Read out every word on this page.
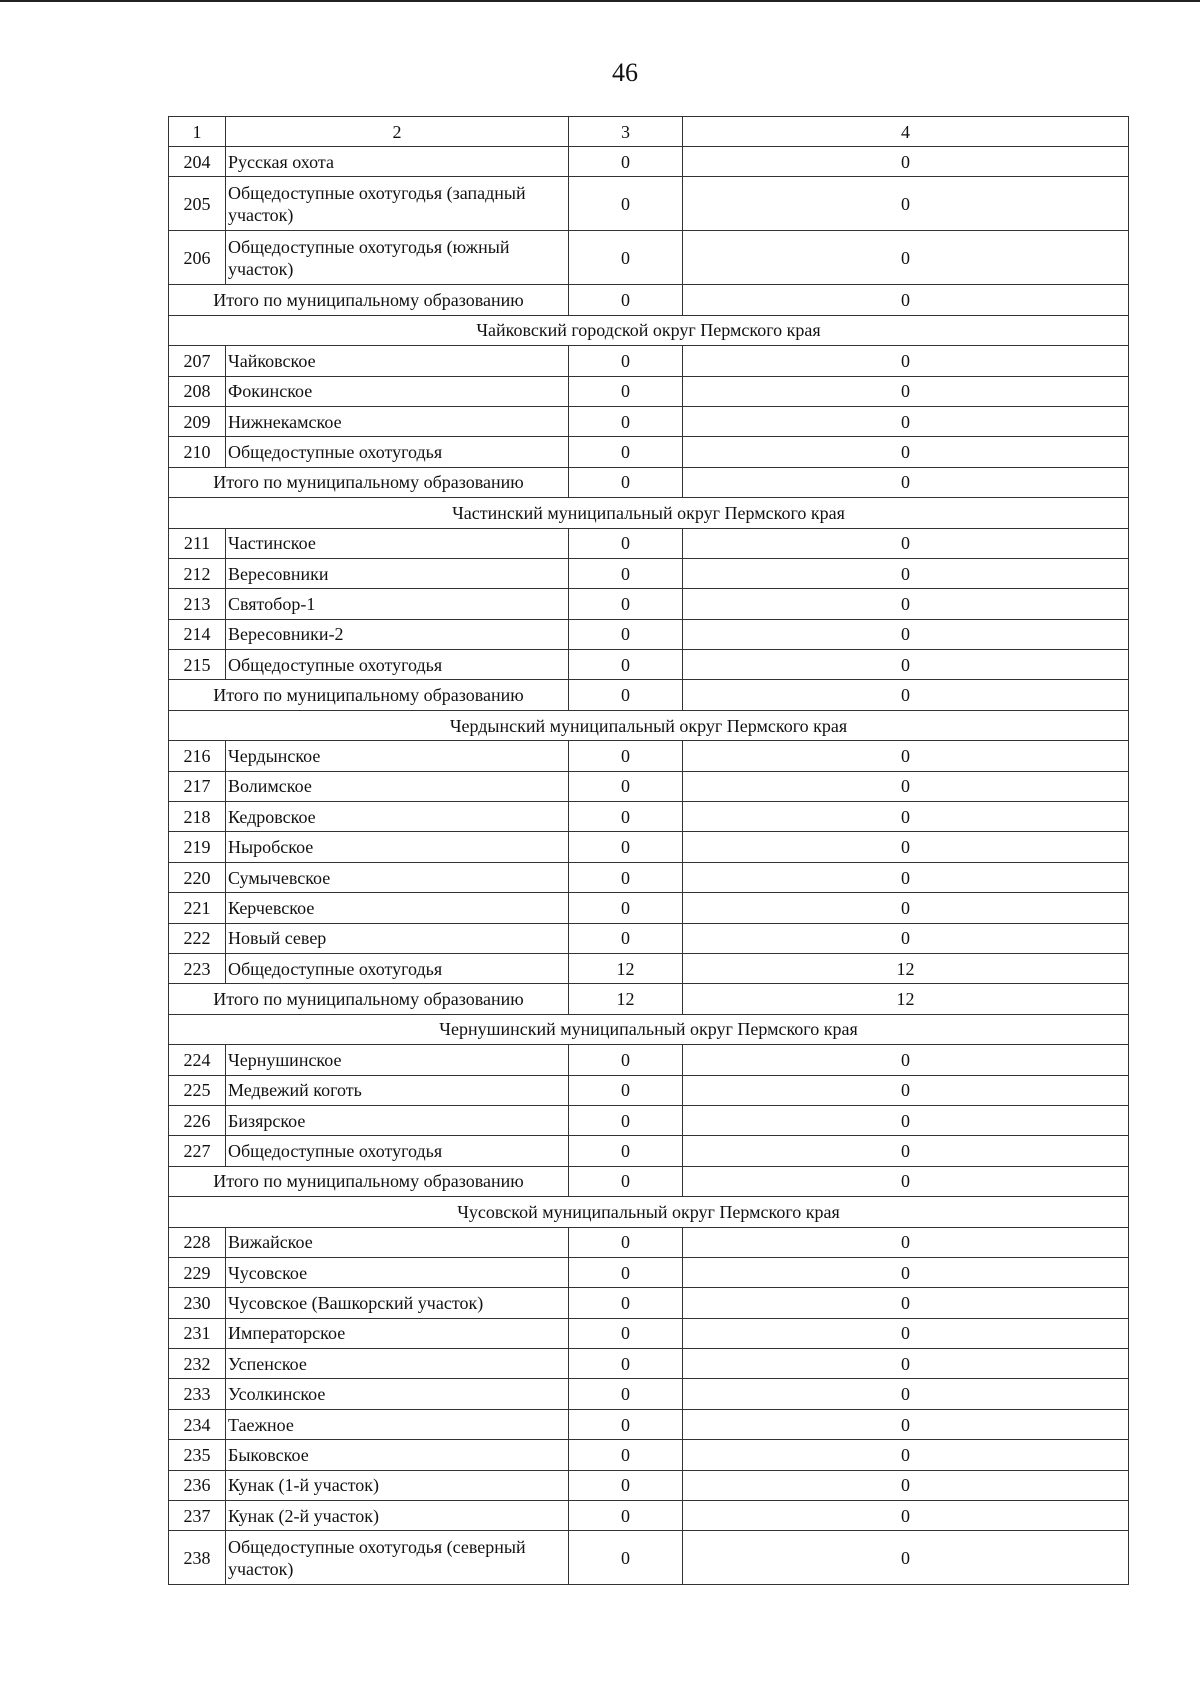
46
1	2	3	4
204	Русская охота	0	0
205	Общедоступные охотугодья (западный участок)	0	0
206	Общедоступные охотугодья (южный участок)	0	0
Итого по муниципальному образованию		0	0
Чайковский городской округ Пермского края			
207	Чайковское	0	0
208	Фокинское	0	0
209	Нижнекамское	0	0
210	Общедоступные охотугодья	0	0
Итого по муниципальному образованию		0	0
Частинский муниципальный округ Пермского края			
211	Частинское	0	0
212	Вересовники	0	0
213	Святобор-1	0	0
214	Вересовники-2	0	0
215	Общедоступные охотугодья	0	0
Итого по муниципальному образованию		0	0
Чердынский муниципальный округ Пермского края			
216	Чердынское	0	0
217	Волимское	0	0
218	Кедровское	0	0
219	Ныробское	0	0
220	Сумычевское	0	0
221	Керчевское	0	0
222	Новый север	0	0
223	Общедоступные охотугодья	12	12
Итого по муниципальному образованию		12	12
Чернушинский муниципальный округ Пермского края			
224	Чернушинское	0	0
225	Медвежий коготь	0	0
226	Бизярское	0	0
227	Общедоступные охотугодья	0	0
Итого по муниципальному образованию		0	0
Чусовской муниципальный округ Пермского края			
228	Вижайское	0	0
229	Чусовское	0	0
230	Чусовское (Вашкорский участок)	0	0
231	Императорское	0	0
232	Успенское	0	0
233	Усолкинское	0	0
234	Таежное	0	0
235	Быковское	0	0
236	Кунак (1-й участок)	0	0
237	Кунак (2-й участок)	0	0
238	Общедоступные охотугодья (северный участок)	0	0
